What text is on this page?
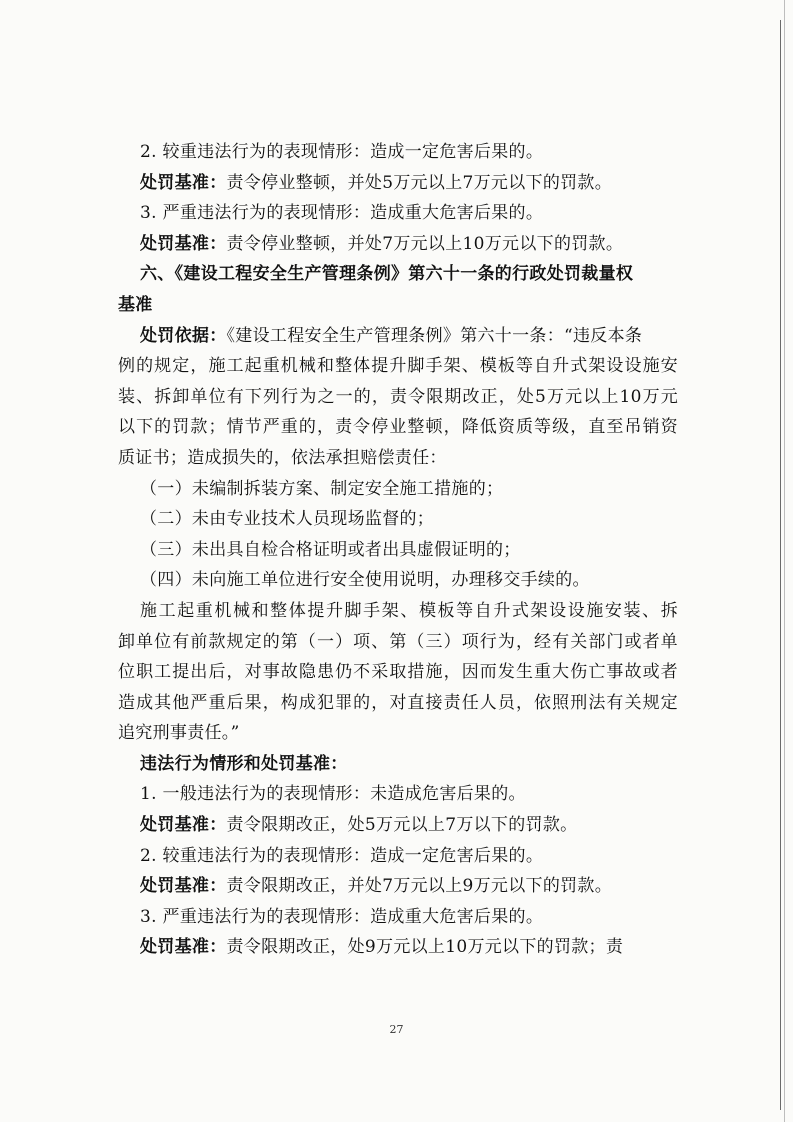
2. 较重违法行为的表现情形：造成一定危害后果的。
处罚基准：责令停业整顿，并处5万元以上7万元以下的罚款。
3. 严重违法行为的表现情形：造成重大危害后果的。
处罚基准：责令停业整顿，并处7万元以上10万元以下的罚款。
六、《建设工程安全生产管理条例》第六十一条的行政处罚裁量权
基准
处罚依据：《建设工程安全生产管理条例》第六十一条：“违反本条
例的规定，施工起重机械和整体提升脚手架、模板等自升式架设设施安
装、拆卸单位有下列行为之一的，责令限期改正，处5万元以上10万元
以下的罚款；情节严重的，责令停业整顿，降低资质等级，直至吊销资
质证书；造成损失的，依法承担赔偿责任：
（一）未编制拆装方案、制定安全施工措施的；
（二）未由专业技术人员现场监督的；
（三）未出具自检合格证明或者出具虚假证明的；
（四）未向施工单位进行安全使用说明，办理移交手续的。
施工起重机械和整体提升脚手架、模板等自升式架设设施安装、拆
卸单位有前款规定的第（一）项、第（三）项行为，经有关部门或者单
位职工提出后，对事故隐患仍不采取措施，因而发生重大伤亡事故或者
造成其他严重后果，构成犯罪的，对直接责任人员，依照刑法有关规定
追究刑事责任。”
违法行为情形和处罚基准：
1. 一般违法行为的表现情形：未造成危害后果的。
处罚基准：责令限期改正，处5万元以上7万以下的罚款。
2. 较重违法行为的表现情形：造成一定危害后果的。
处罚基准：责令限期改正，并处7万元以上9万元以下的罚款。
3. 严重违法行为的表现情形：造成重大危害后果的。
处罚基准：责令限期改正，处9万元以上10万元以下的罚款；责
27
